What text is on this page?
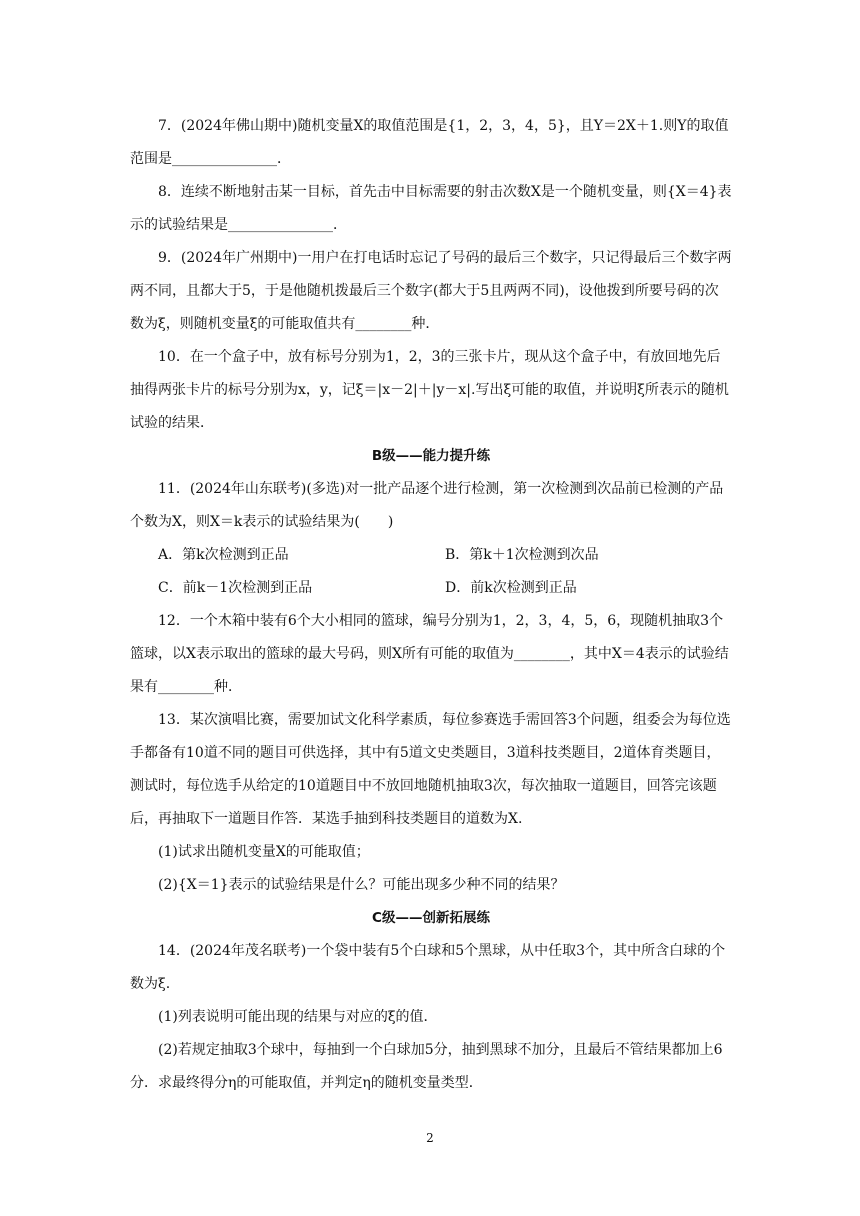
7．(2024年佛山期中)随机变量X的取值范围是{1，2，3，4，5}，且Y＝2X＋1.则Y的取值范围是_______________．

8．连续不断地射击某一目标，首先击中目标需要的射击次数X是一个随机变量，则{X＝4}表示的试验结果是_______________．

9．(2024年广州期中)一用户在打电话时忘记了号码的最后三个数字，只记得最后三个数字两两不同，且都大于5，于是他随机拨最后三个数字(都大于5且两两不同)，设他拨到所要号码的次数为ξ，则随机变量ξ的可能取值共有________种．

10．在一个盒子中，放有标号分别为1，2，3的三张卡片，现从这个盒子中，有放回地先后抽得两张卡片的标号分别为x，y，记ξ＝|x－2|＋|y－x|.写出ξ可能的取值，并说明ξ所表示的随机试验的结果．

B级——能力提升练

11．(2024年山东联考)(多选)对一批产品逐个进行检测，第一次检测到次品前已检测的产品个数为X，则X＝k表示的试验结果为(　　)

A．第k次检测到正品	B．第k＋1次检测到次品
C．前k－1次检测到正品	D．前k次检测到正品

12．一个木箱中装有6个大小相同的篮球，编号分别为1，2，3，4，5，6，现随机抽取3个篮球，以X表示取出的篮球的最大号码，则X所有可能的取值为________，其中X＝4表示的试验结果有________种．

13．某次演唱比赛，需要加试文化科学素质，每位参赛选手需回答3个问题，组委会为每位选手都备有10道不同的题目可供选择，其中有5道文史类题目，3道科技类题目，2道体育类题目，测试时，每位选手从给定的10道题目中不放回地随机抽取3次，每次抽取一道题目，回答完该题后，再抽取下一道题目作答．某选手抽到科技类题目的道数为X.

(1)试求出随机变量X的可能取值；

(2){X＝1}表示的试验结果是什么？可能出现多少种不同的结果？

C级——创新拓展练

14．(2024年茂名联考)一个袋中装有5个白球和5个黑球，从中任取3个，其中所含白球的个数为ξ.

(1)列表说明可能出现的结果与对应的ξ的值．

(2)若规定抽取3个球中，每抽到一个白球加5分，抽到黑球不加分，且最后不管结果都加上6分．求最终得分η的可能取值，并判定η的随机变量类型．

2
